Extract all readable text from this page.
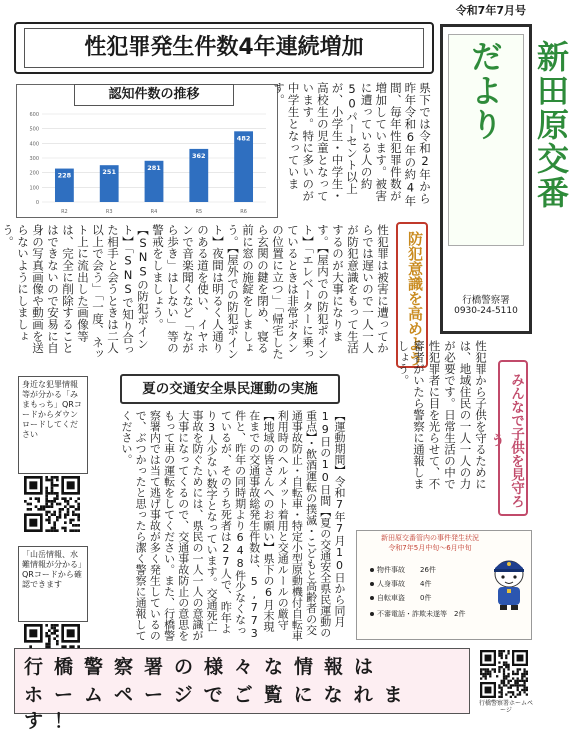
令和7年7月号
性犯罪発生件数4年連続増加
認知件数の推移
0
100
200
300
400
500
600
228
R2
251
R3
281
R4
362
R5
482
R6
県下では令和2年から昨年令和6年の約4年間、毎年性犯罪件数が増加しています。被害に遭っている人の約50パーセント以上が、小学生・中学生・高校生の児童となっています。特に多いのが中学生となっています。	新田原交番だより
行橋警察署
0930-24-5110
性犯罪は被害に遭ってからでは遅いので一人一人が防犯意識をもって生活するのが大事になります。【屋内での防犯ポイント】「エレベーターに乗っているときは非常ボタンの位置に立つ」「帰宅したら玄関の鍵を閉め、寝る前に窓の施錠をしましょう。【屋外での防犯ポイント】夜間は明るく人通りのある道を使い、イヤホンで音楽聞くなど「ながら歩き」はしない」等の警戒をしましょう。【SNSの防犯ポイント】「SNSで知り合った相手と会うときは二人以上で会う」「一度、ネット上に流出した画像等は、完全に削除することはできないので安易に自身の写真画像や動画を送らないようにしましょう。	防犯意識を高めよう
性犯罪から子供を守るためには、地域住民の一人一人の力が必要です。日常生活の中で性犯罪者に目を光らせて、不審者がいたら警察に通報しましょう。
みんなで子供を見守ろう
身近な犯罪情報等が分かる「みまもっち」QRコードからダウンロードしてください
「山岳情報、水難情報が分かる」QRコードから確認できます
夏の交通安全県民運動の実施
【運動期間】令和7年7月10日から同月19日の10日間【夏の交通安全県民運動の重点】・飲酒運転の撲滅・こどもと高齢者の交通事故防止・自転車・特定小型原動機付自転車利用時のヘルメット着用と交通ルールの厳守【地域の皆さんへのお願い】県下の6月末現在までの交通事故総発生件数は、5,773件と、昨年の同時期より648件少なくなっているが、そのうち死者は27人で、昨年より3人少ない数字となっています。交通死亡事故を防ぐためには、県民の一人一人の意識が大事になってくるので、交通事故防止の意思をもって車の運転をしてください。また、行橋警察署内では当て逃げ事故が多く発生しているので、ぶつかったと思ったら潔く警察に通報してください。
新田原交番管内の事件発生状況
令和7年5月中旬〜6月中旬
物件事故 26件
人身事故 4件
自転車盗 0件
不審電話・詐欺未遂等 2件
行橋警察署の様々な情報は
ホームページでご覧になれます！
行橋警察署ホームページ
